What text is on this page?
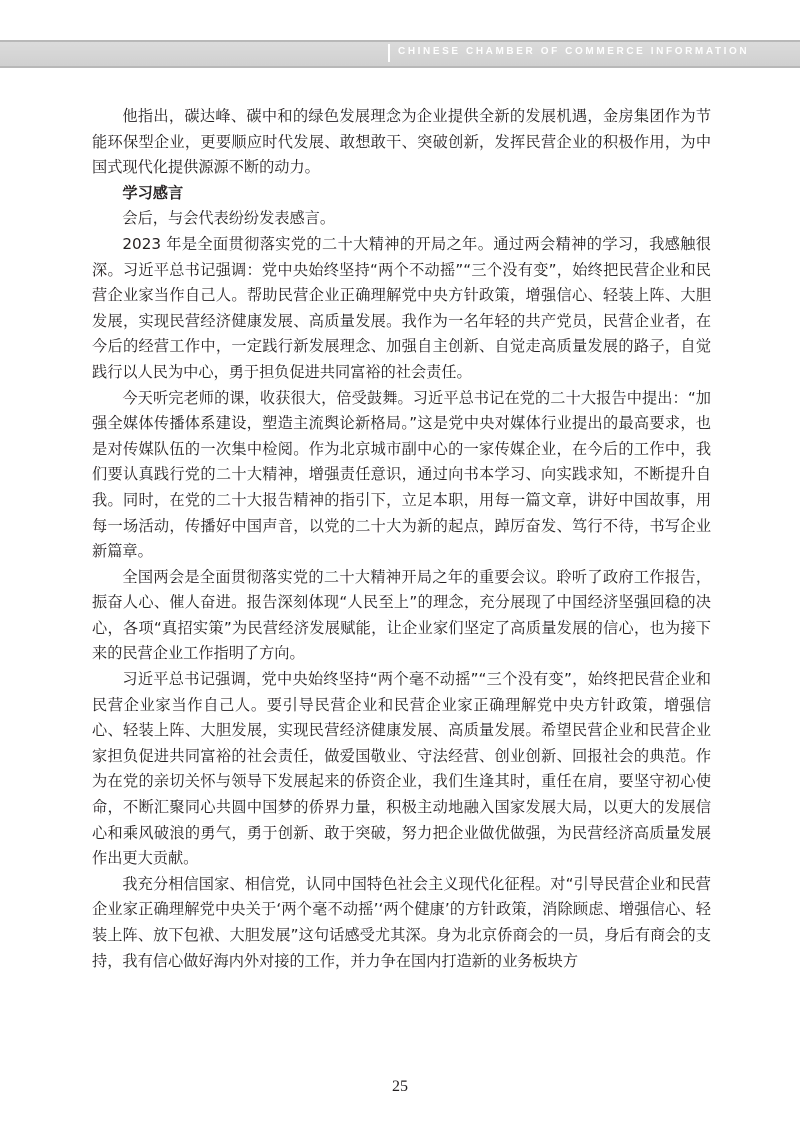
CHINESE CHAMBER OF COMMERCE INFORMATION

他指出，碳达峰、碳中和的绿色发展理念为企业提供全新的发展机遇，金房集团作为节能环保型企业，更要顺应时代发展、敢想敢干、突破创新，发挥民营企业的积极作用，为中国式现代化提供源源不断的动力。

学习感言

会后，与会代表纷纷发表感言。

2023 年是全面贯彻落实党的二十大精神的开局之年。通过两会精神的学习，我感触很深。习近平总书记强调：党中央始终坚持“两个不动摇”“三个没有变”，始终把民营企业和民营企业家当作自己人。帮助民营企业正确理解党中央方针政策，增强信心、轻装上阵、大胆发展，实现民营经济健康发展、高质量发展。我作为一名年轻的共产党员，民营企业者，在今后的经营工作中，一定践行新发展理念、加强自主创新、自觉走高质量发展的路子，自觉践行以人民为中心，勇于担负促进共同富裕的社会责任。

今天听完老师的课，收获很大，倍受鼓舞。习近平总书记在党的二十大报告中提出：“加强全媒体传播体系建设，塑造主流舆论新格局。”这是党中央对媒体行业提出的最高要求，也是对传媒队伍的一次集中检阅。作为北京城市副中心的一家传媒企业，在今后的工作中，我们要认真践行党的二十大精神，增强责任意识，通过向书本学习、向实践求知，不断提升自我。同时，在党的二十大报告精神的指引下，立足本职，用每一篇文章，讲好中国故事，用每一场活动，传播好中国声音，以党的二十大为新的起点，踔厉奋发、笃行不待，书写企业新篇章。

全国两会是全面贯彻落实党的二十大精神开局之年的重要会议。聆听了政府工作报告，振奋人心、催人奋进。报告深刻体现“人民至上”的理念，充分展现了中国经济坚强回稳的决心，各项“真招实策”为民营经济发展赋能，让企业家们坚定了高质量发展的信心，也为接下来的民营企业工作指明了方向。

习近平总书记强调，党中央始终坚持“两个毫不动摇”“三个没有变”，始终把民营企业和民营企业家当作自己人。要引导民营企业和民营企业家正确理解党中央方针政策，增强信心、轻装上阵、大胆发展，实现民营经济健康发展、高质量发展。希望民营企业和民营企业家担负促进共同富裕的社会责任，做爱国敬业、守法经营、创业创新、回报社会的典范。作为在党的亲切关怀与领导下发展起来的侨资企业，我们生逢其时，重任在肩，要坚守初心使命，不断汇聚同心共圆中国梦的侨界力量，积极主动地融入国家发展大局，以更大的发展信心和乘风破浪的勇气，勇于创新、敢于突破，努力把企业做优做强，为民营经济高质量发展作出更大贡献。

我充分相信国家、相信党，认同中国特色社会主义现代化征程。对“引导民营企业和民营企业家正确理解党中央关于‘两个毫不动摇’‘两个健康’的方针政策，消除顾虑、增强信心、轻装上阵、放下包袱、大胆发展”这句话感受尤其深。身为北京侨商会的一员，身后有商会的支持，我有信心做好海内外对接的工作，并力争在国内打造新的业务板块方

25
